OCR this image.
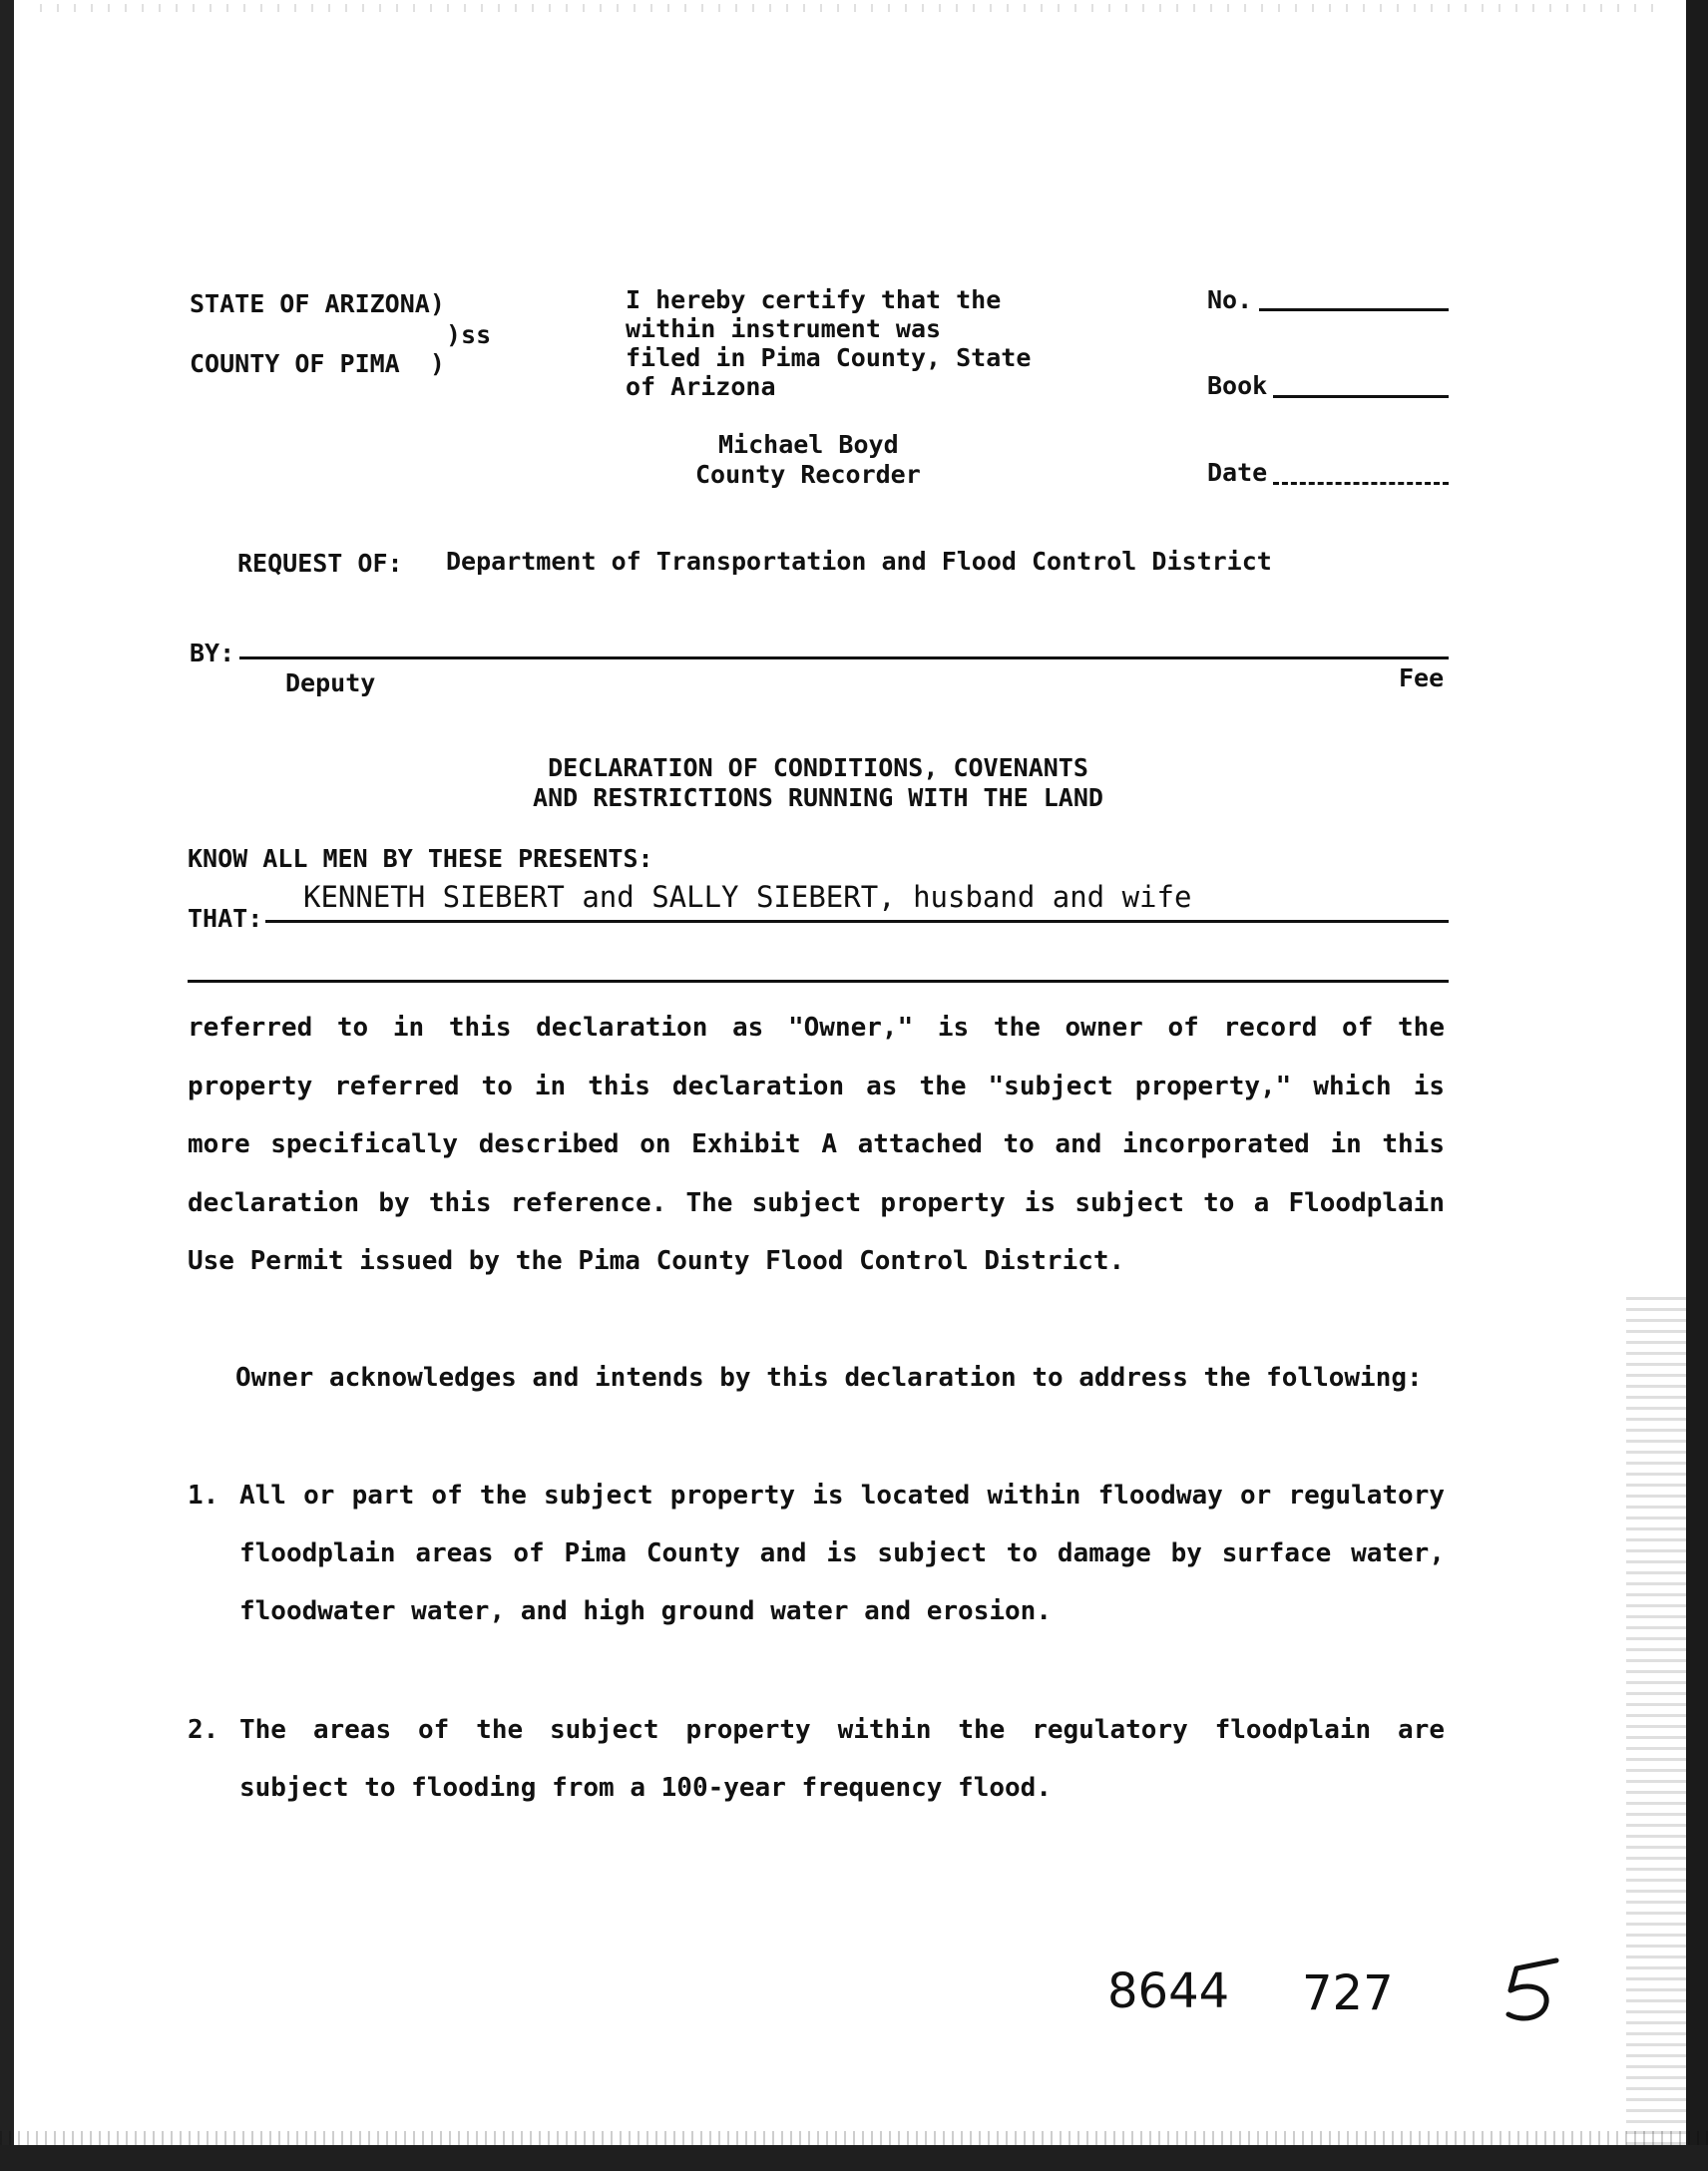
STATE OF ARIZONA)
)ss
COUNTY OF PIMA  )
I hereby certify that the
within instrument was
filed in Pima County, State
of Arizona
Michael Boyd
County Recorder
No.
Book
Date
REQUEST OF: Department of Transportation and Flood Control District
BY:
Deputy	Fee
DECLARATION OF CONDITIONS, COVENANTS
AND RESTRICTIONS RUNNING WITH THE LAND
KNOW ALL MEN BY THESE PRESENTS:
THAT:
KENNETH SIEBERT and SALLY SIEBERT, husband and wife
referred to in this declaration as "Owner," is the owner of record of the property referred to in this declaration as the "subject property," which is more specifically described on Exhibit A attached to and incorporated in this declaration by this reference. The subject property is subject to a Floodplain Use Permit issued by the Pima County Flood Control District.
Owner acknowledges and intends by this declaration to address the following:
1. All or part of the subject property is located within floodway or regulatory floodplain areas of Pima County and is subject to damage by surface water, floodwater water, and high ground water and erosion.
2. The areas of the subject property within the regulatory floodplain are subject to flooding from a 100-year frequency flood.
8644 727
